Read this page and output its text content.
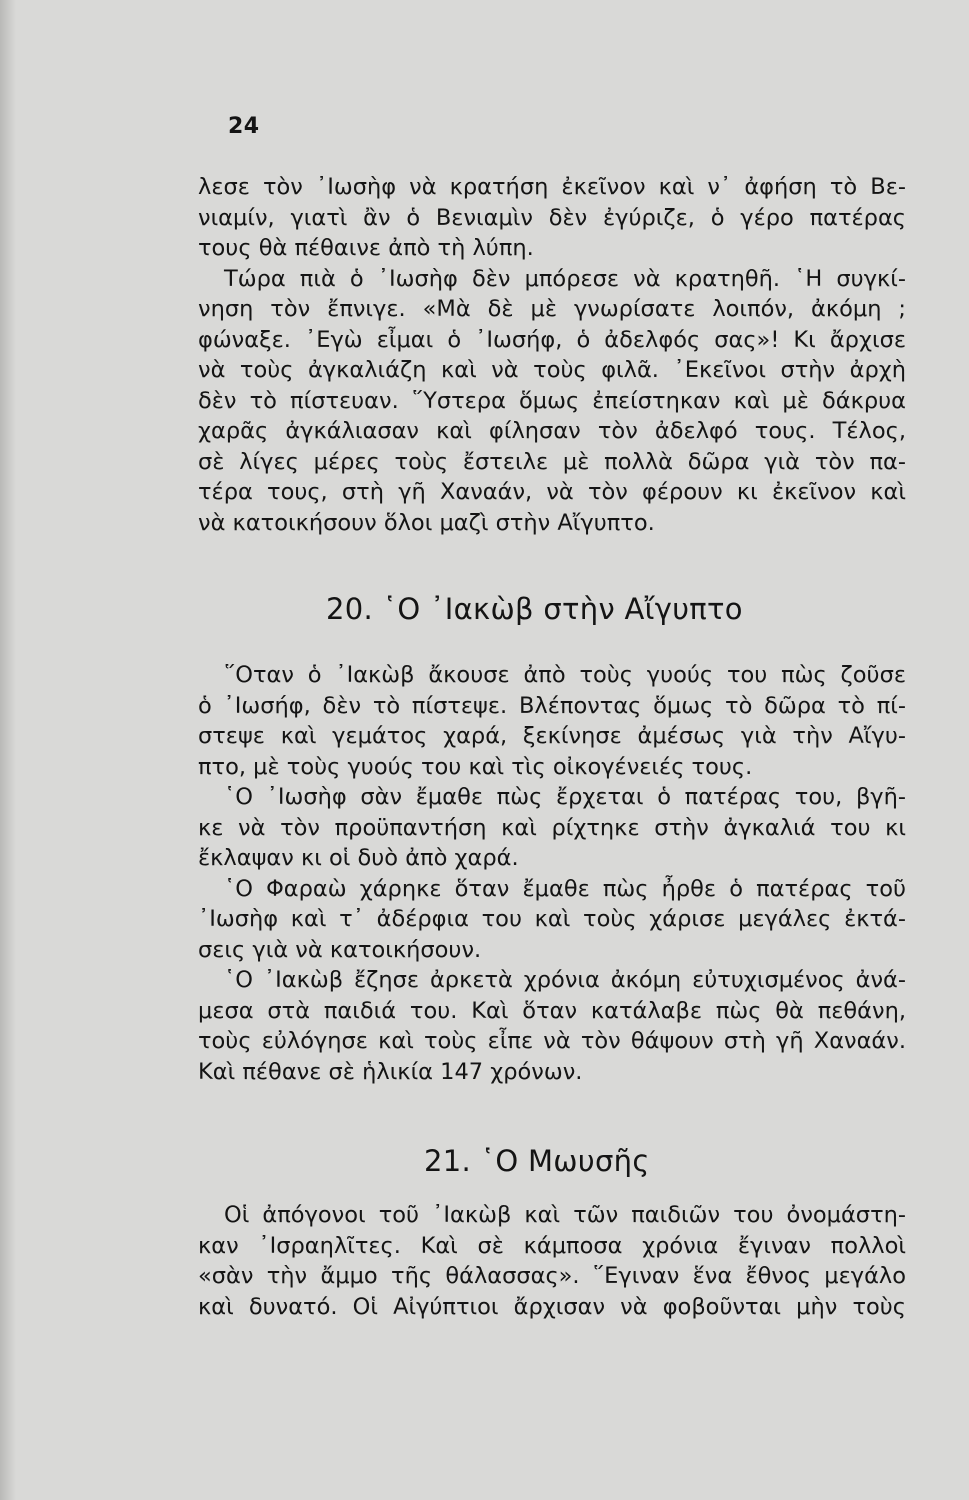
24
λεσε τὸν ᾿Ιωσὴφ νὰ κρατήση ἐκεῖνον καὶ ν᾿ ἀφήση τὸ Βε-
νιαμίν, γιατὶ ἂν ὁ Βενιαμὶν δὲν ἐγύριζε, ὁ γέρο πατέρας
τους θὰ πέθαινε ἀπὸ τὴ λύπη.
Τώρα πιὰ ὁ ᾿Ιωσὴφ δὲν μπόρεσε νὰ κρατηθῆ. ῾Η συγκί-
νηση τὸν ἔπνιγε. «Μὰ δὲ μὲ γνωρίσατε λοιπόν, ἀκόμη ;
φώναξε. ᾿Εγὼ εἶμαι ὁ ᾿Ιωσήφ, ὁ ἀδελφός σας»! Κι ἄρχισε
νὰ τοὺς ἀγκαλιάζη καὶ νὰ τοὺς φιλᾶ. ᾿Εκεῖνοι στὴν ἀρχὴ
δὲν τὸ πίστευαν. ῞Υστερα ὅμως ἐπείστηκαν καὶ μὲ δάκρυα
χαρᾶς ἀγκάλιασαν καὶ φίλησαν τὸν ἀδελφό τους. Τέλος,
σὲ λίγες μέρες τοὺς ἔστειλε μὲ πολλὰ δῶρα γιὰ τὸν πα-
τέρα τους, στὴ γῆ Χαναάν, νὰ τὸν φέρουν κι ἐκεῖνον καὶ
νὰ κατοικήσουν ὅλοι μαζὶ στὴν Αἴγυπτο.
20. ῾Ο ᾿Ιακὼβ στὴν Αἴγυπτο
῞Οταν ὁ ᾿Ιακὼβ ἄκουσε ἀπὸ τοὺς γυούς του πὼς ζοῦσε
ὁ ᾿Ιωσήφ, δὲν τὸ πίστεψε. Βλέποντας ὅμως τὸ δῶρα τὸ πί-
στεψε καὶ γεμάτος χαρά, ξεκίνησε ἀμέσως γιὰ τὴν Αἴγυ-
πτο, μὲ τοὺς γυούς του καὶ τὶς οἰκογένειές τους.
῾Ο ᾿Ιωσὴφ σὰν ἔμαθε πὼς ἔρχεται ὁ πατέρας του, βγῆ-
κε νὰ τὸν προϋπαντήση καὶ ρίχτηκε στὴν ἀγκαλιά του κι
ἔκλαψαν κι οἱ δυὸ ἀπὸ χαρά.
῾Ο Φαραὼ χάρηκε ὅταν ἔμαθε πὼς ἦρθε ὁ πατέρας τοῦ
᾿Ιωσὴφ καὶ τ᾿ ἀδέρφια του καὶ τοὺς χάρισε μεγάλες ἐκτά-
σεις γιὰ νὰ κατοικήσουν.
῾Ο ᾿Ιακὼβ ἔζησε ἀρκετὰ χρόνια ἀκόμη εὐτυχισμένος ἀνά-
μεσα στὰ παιδιά του. Καὶ ὅταν κατάλαβε πὼς θὰ πεθάνη,
τοὺς εὐλόγησε καὶ τοὺς εἶπε νὰ τὸν θάψουν στὴ γῆ Χαναάν.
Καὶ πέθανε σὲ ἡλικία 147 χρόνων.
21. ῾Ο Μωυσῆς
Οἱ ἀπόγονοι τοῦ ᾿Ιακὼβ καὶ τῶν παιδιῶν του ὀνομάστη-
καν ᾿Ισραηλῖτες. Καὶ σὲ κάμποσα χρόνια ἔγιναν πολλοὶ
«σὰν τὴν ἄμμο τῆς θάλασσας». ῞Εγιναν ἕνα ἔθνος μεγάλο
καὶ δυνατό. Οἱ Αἰγύπτιοι ἄρχισαν νὰ φοβοῦνται μὴν τοὺς
